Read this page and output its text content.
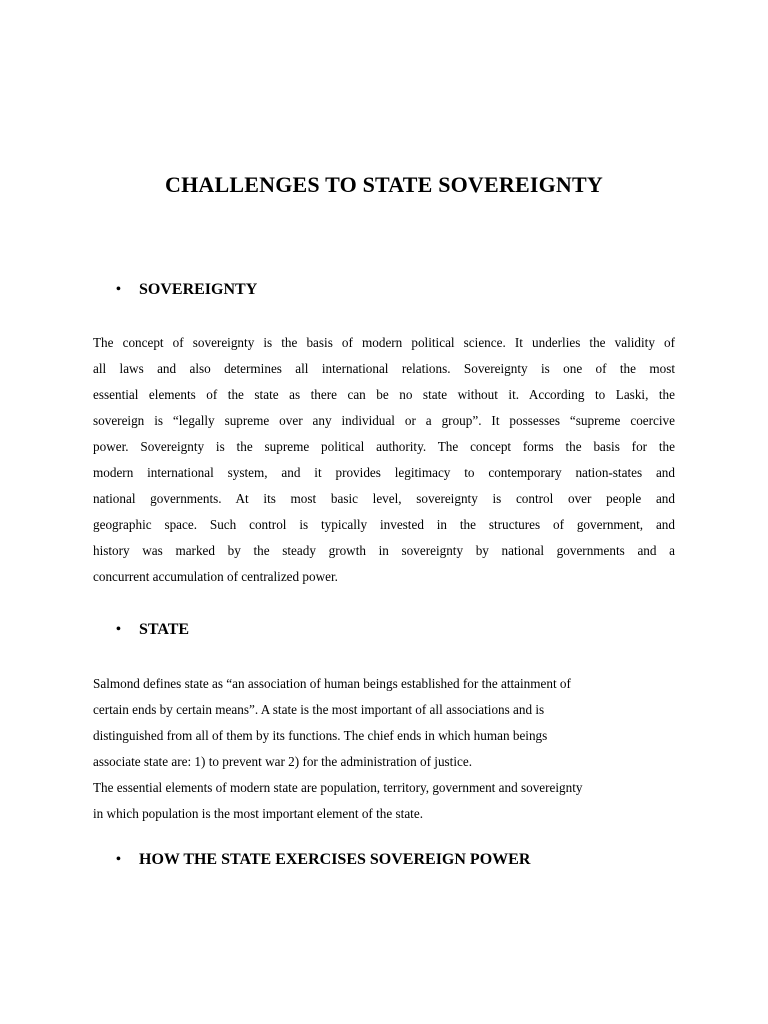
CHALLENGES TO STATE SOVEREIGNTY
•	SOVEREIGNTY
The concept of sovereignty is the basis of modern political science. It underlies the validity of
all laws and also determines all international relations. Sovereignty is one of the most
essential elements of the state as there can be no state without it. According to Laski, the
sovereign is “legally supreme over any individual or a group”. It possesses “supreme coercive
power. Sovereignty is the supreme political authority. The concept forms the basis for the
modern international system, and it provides legitimacy to contemporary nation-states and
national governments. At its most basic level, sovereignty is control over people and
geographic space. Such control is typically invested in the structures of government, and
history was marked by the steady growth in sovereignty by national governments and a
concurrent accumulation of centralized power.
•	STATE
Salmond defines state as “an association of human beings established for the attainment of
certain ends by certain means”. A state is the most important of all associations and is
distinguished from all of them by its functions. The chief ends in which human beings
associate state are: 1) to prevent war 2) for the administration of justice.
The essential elements of modern state are population, territory, government and sovereignty
in which population is the most important element of the state.
•	HOW THE STATE EXERCISES SOVEREIGN POWER
